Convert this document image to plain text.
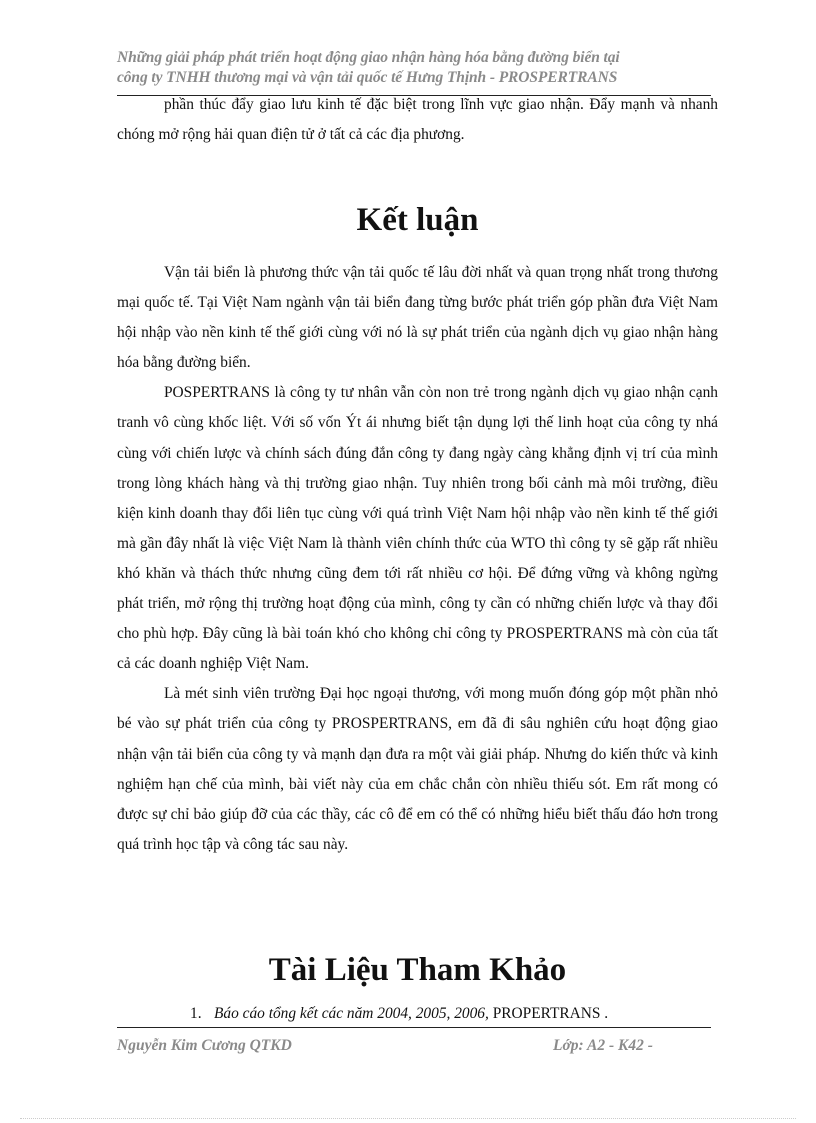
Những giải pháp phát triển hoạt động giao nhận hàng hóa bằng đường biển tại
công ty TNHH thương mại và vận tải quốc tế Hưng Thịnh - PROSPERTRANS

phần thúc đẩy giao lưu kinh tế đặc biệt trong lĩnh vực giao nhận. Đẩy mạnh và nhanh chóng mở rộng hải quan điện tử ở tất cả các địa phương.

Kết luận

Vận tải biển là phương thức vận tải quốc tế lâu đời nhất và quan trọng nhất trong thương mại quốc tế. Tại Việt Nam ngành vận tải biển đang từng bước phát triển góp phần đưa Việt Nam hội nhập vào nền kinh tế thế giới cùng với nó là sự phát triển của ngành dịch vụ giao nhận hàng hóa bằng đường biển.

POSPERTRANS là công ty tư nhân vẫn còn non trẻ trong ngành dịch vụ giao nhận cạnh tranh vô cùng khốc liệt. Với số vốn Ýt ái nhưng biết tận dụng lợi thế linh hoạt của công ty nhá cùng với chiến lược và chính sách đúng đắn công ty đang ngày càng khẳng định vị trí của mình trong lòng khách hàng và thị trường giao nhận. Tuy nhiên trong bối cảnh mà môi trường, điều kiện kinh doanh thay đổi liên tục cùng với quá trình Việt Nam hội nhập vào nền kinh tế thế giới mà gần đây nhất là việc Việt Nam là thành viên chính thức của WTO thì công ty sẽ gặp rất nhiều khó khăn và thách thức nhưng cũng đem tới rất nhiều cơ hội. Để đứng vững và không ngừng phát triển, mở rộng thị trường hoạt động của mình, công ty cần có những chiến lược và thay đổi cho phù hợp. Đây cũng là bài toán khó cho không chỉ công ty PROSPERTRANS mà còn của tất cả các doanh nghiệp Việt Nam.

Là mét sinh viên trường Đại học ngoại thương, với mong muốn đóng góp một phần nhỏ bé vào sự phát triển của công ty PROSPERTRANS, em đã đi sâu nghiên cứu hoạt động giao nhận vận tải biển của công ty và mạnh dạn đưa ra một vài giải pháp. Nhưng do kiến thức và kinh nghiệm hạn chế của mình, bài viết này của em chắc chắn còn nhiều thiếu sót. Em rất mong có được sự chỉ bảo giúp đỡ của các thầy, các cô để em có thể có những hiểu biết thấu đáo hơn trong quá trình học tập và công tác sau này.

Tài Liệu Tham Khảo
1. Báo cáo tổng kết các năm 2004, 2005, 2006, PROPERTRANS .
Nguyễn Kim Cương QTKD	Lớp: A2 - K42 -
